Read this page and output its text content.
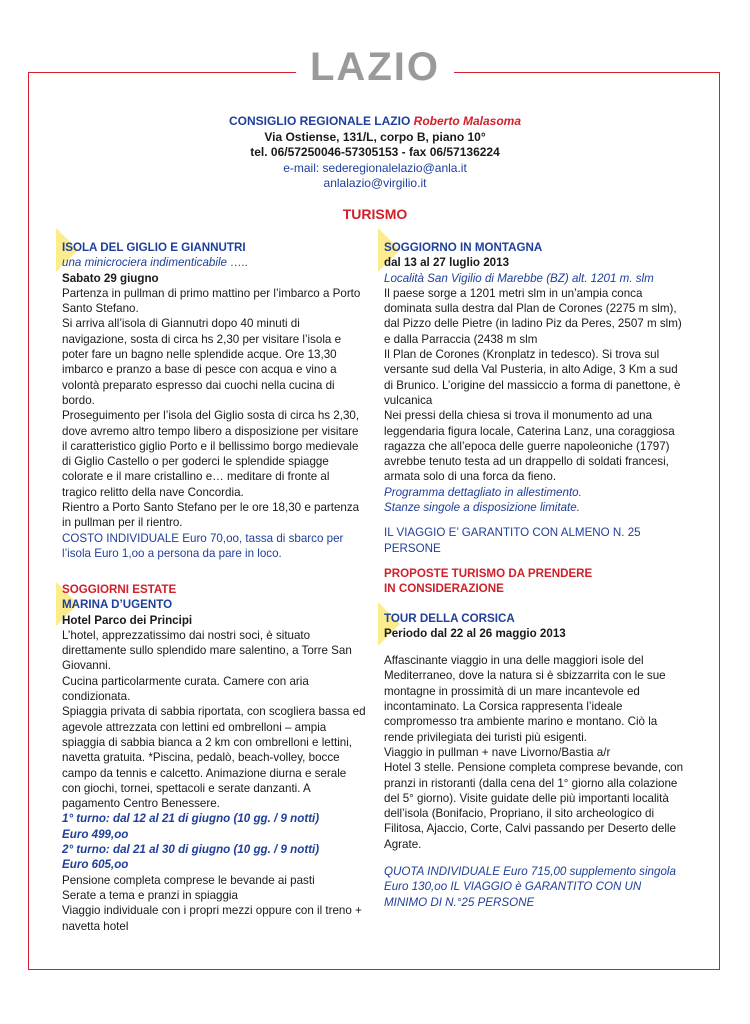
LAZIO
CONSIGLIO REGIONALE LAZIO Roberto Malasoma
Via Ostiense, 131/L, corpo B, piano 10°
tel. 06/57250046-57305153 - fax 06/57136224
e-mail: sederegionalelazio@anla.it
anlalazio@virgilio.it
TURISMO

ISOLA DEL GIGLIO E GIANNUTRI

una minicrociera indimenticabile …..

Sabato 29 giugno

Partenza in pullman di primo mattino per l’imbarco a Porto Santo Stefano.

Si arriva all’isola di Giannutri dopo 40 minuti di navigazione, sosta di circa hs 2,30 per visitare l’isola e poter fare un bagno nelle splendide acque. Ore 13,30 imbarco e pranzo a base di pesce con acqua e vino a volontà preparato espresso dai cuochi nella cucina di bordo.

Proseguimento per l’isola del Giglio sosta di circa hs 2,30, dove avremo altro tempo libero a disposizione per visitare il caratteristico giglio Porto e il bellissimo borgo medievale di Giglio Castello o per goderci le splendide spiagge colorate e il mare cristallino e… meditare di fronte al tragico relitto della nave Concordia.

Rientro a Porto Santo Stefano per le ore 18,30 e partenza in pullman per il rientro.

COSTO INDIVIDUALE Euro 70,oo, tassa di sbarco per l’isola Euro 1,oo a persona da pare in loco.

SOGGIORNI ESTATE

MARINA D’UGENTO

Hotel Parco dei Principi

L’hotel, apprezzatissimo dai nostri soci, è situato direttamente sullo splendido mare salentino, a Torre San Giovanni.

Cucina particolarmente curata. Camere con aria condizionata.

Spiaggia privata di sabbia riportata, con scogliera bassa ed agevole attrezzata con lettini ed ombrelloni – ampia spiaggia di sabbia bianca a 2 km con ombrelloni e lettini, navetta gratuita. *Piscina, pedalò, beach-volley, bocce campo da tennis e calcetto. Animazione diurna e serale con giochi, tornei, spettacoli e serate danzanti. A pagamento Centro Benessere.

1° turno: dal 12 al 21 di giugno (10 gg. / 9 notti)

Euro 499,oo

2° turno: dal 21 al 30 di giugno (10 gg. / 9 notti)

Euro 605,oo

Pensione completa comprese le bevande ai pasti

Serate a tema e pranzi in spiaggia

Viaggio individuale con i propri mezzi oppure con il treno + navetta hotel

SOGGIORNO IN MONTAGNA

dal 13 al 27 luglio 2013

Località San Vigilio di Marebbe (BZ) alt. 1201 m. slm

Il paese sorge a 1201 metri slm in un’ampia conca dominata sulla destra dal Plan de Corones (2275 m slm), dal Pizzo delle Pietre (in ladino Piz da Peres, 2507 m slm) e dalla Parraccia (2438 m slm

Il Plan de Corones (Kronplatz in tedesco). Si trova sul versante sud della Val Pusteria, in alto Adige, 3 Km a sud di Brunico. L’origine del massiccio a forma di panettone, è vulcanica

Nei pressi della chiesa si trova il monumento ad una leggendaria figura locale, Caterina Lanz, una coraggiosa ragazza che all’epoca delle guerre napoleoniche (1797) avrebbe tenuto testa ad un drappello di soldati francesi, armata solo di una forca da fieno.

Programma dettagliato in allestimento.

Stanze singole a disposizione limitate.

IL VIAGGIO E’ GARANTITO CON ALMENO N. 25 PERSONE

PROPOSTE TURISMO DA PRENDERE

IN CONSIDERAZIONE

TOUR DELLA CORSICA

Periodo dal 22 al 26 maggio 2013

Affascinante viaggio in una delle maggiori isole del Mediterraneo, dove la natura si è sbizzarrita con le sue montagne in prossimità di un mare incantevole ed incontaminato. La Corsica rappresenta l’ideale compromesso tra ambiente marino e montano. Ciò la rende privilegiata dei turisti più esigenti.

Viaggio in pullman + nave Livorno/Bastia a/r

Hotel 3 stelle. Pensione completa comprese bevande, con pranzi in ristoranti (dalla cena del 1° giorno alla colazione del 5° giorno). Visite guidate delle più importanti località dell’isola (Bonifacio, Propriano, il sito archeologico di Filitosa, Ajaccio, Corte, Calvi passando per Deserto delle Agrate.

QUOTA INDIVIDUALE Euro 715,00 supplemento singola Euro 130,oo IL VIAGGIO è GARANTITO CON UN MINIMO DI N.°25 PERSONE
